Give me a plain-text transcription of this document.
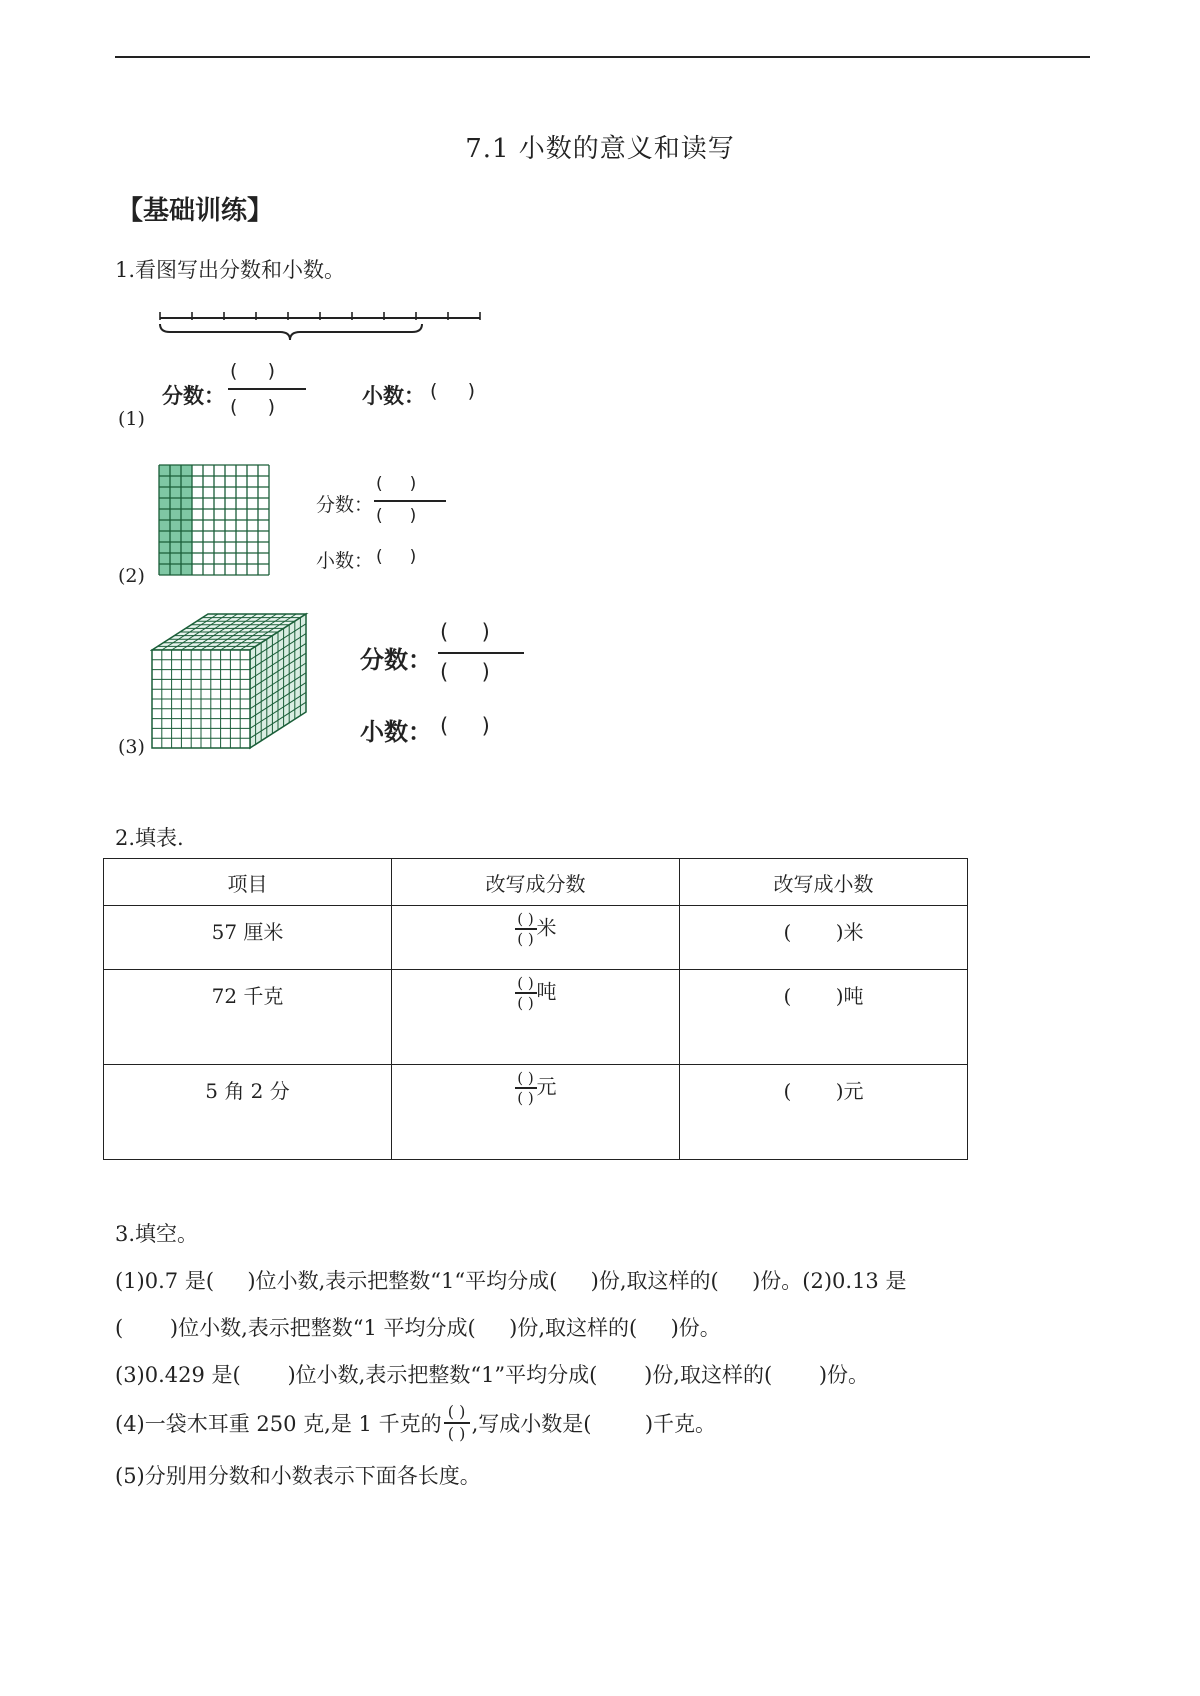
7.1 小数的意义和读写
【基础训练】
1.看图写出分数和小数。
(1)
分数：
(     )
(     )	小数： (     )
(2)
分数：
(     )
(     )
小数： (     )
(3)
分数：
(     )
(     )
小数： (     )
2.填表.
项目	改写成分数	改写成小数
57 厘米	$\frac{( )}{( )}$ 米	(       )米
72 千克	$\frac{( )}{( )}$ 吨	(       )吨
5 角 2 分	$\frac{( )}{( )}$ 元	(       )元
3.填空。
(1)0.7 是(     )位小数,表示把整数“1“平均分成(     )份,取这样的(     )份。(2)0.13 是
(       )位小数,表示把整数“1 平均分成(     )份,取这样的(     )份。
(3)0.429 是(       )位小数,表示把整数“1”平均分成(       )份,取这样的(       )份。
(4)一袋木耳重 250 克,是 1 千克的
( )
( ) ,写成小数是(        )千克。
(5)分别用分数和小数表示下面各长度。
